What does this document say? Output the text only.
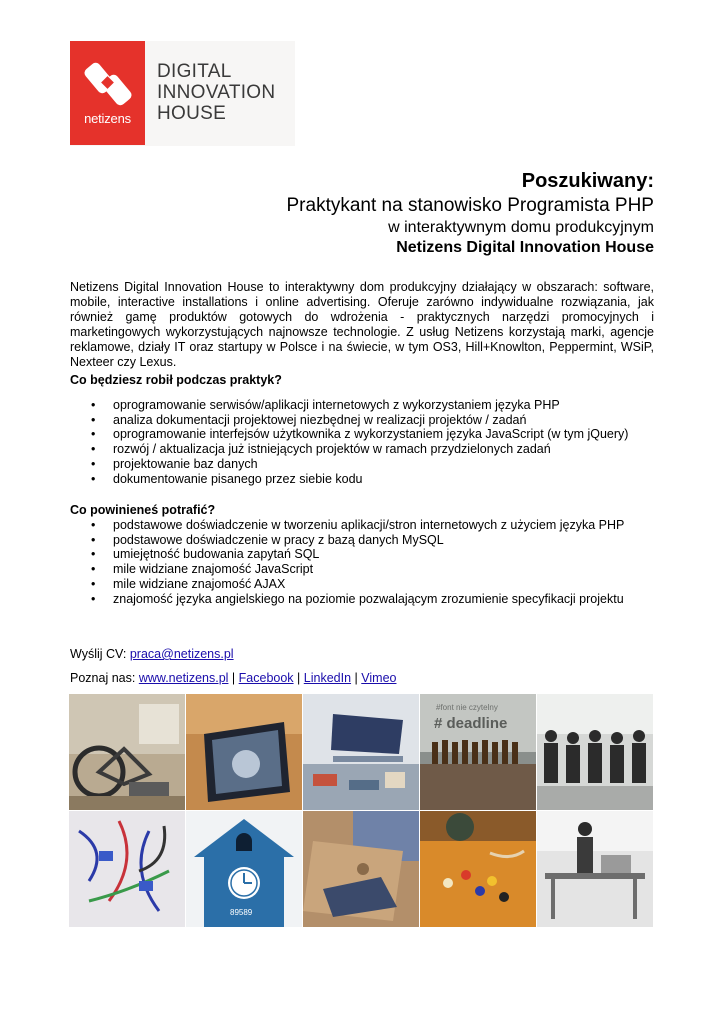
netizens
DIGITAL
INNOVATION
HOUSE
Poszukiwany:
Praktykant na stanowisko Programista PHP
w interaktywnym domu produkcyjnym
Netizens Digital Innovation House
Netizens Digital Innovation House to interaktywny dom produkcyjny działający w obszarach: software, mobile, interactive installations i online advertising. Oferuje zarówno indywidualne rozwiązania, jak również gamę produktów gotowych do wdrożenia - praktycznych narzędzi promocyjnych i marketingowych wykorzystujących najnowsze technologie. Z usług Netizens korzystają marki, agencje reklamowe, działy IT oraz startupy w Polsce i na świecie, w tym OS3, Hill+Knowlton, Peppermint, WSiP, Nexteer czy Lexus.
Co będziesz robił podczas praktyk?
• oprogramowanie serwisów/aplikacji internetowych z wykorzystaniem języka PHP
• analiza dokumentacji projektowej niezbędnej w realizacji projektów / zadań
• oprogramowanie interfejsów użytkownika z wykorzystaniem języka JavaScript (w tym jQuery)
• rozwój / aktualizacja już istniejących projektów w ramach przydzielonych zadań
• projektowanie baz danych
• dokumentowanie pisanego przez siebie kodu
Co powinieneś potrafić?
• podstawowe doświadczenie w tworzeniu aplikacji/stron internetowych z użyciem języka PHP
• podstawowe doświadczenie w pracy z bazą danych MySQL
• umiejętność budowania zapytań SQL
• mile widziane znajomość JavaScript
• mile widziane znajomość AJAX
• znajomość języka angielskiego na poziomie pozwalającym zrozumienie specyfikacji projektu
Wyślij CV: praca@netizens.pl
Poznaj nas: www.netizens.pl | Facebook | LinkedIn | Vimeo
#font nie czytelny
# deadline
89589
